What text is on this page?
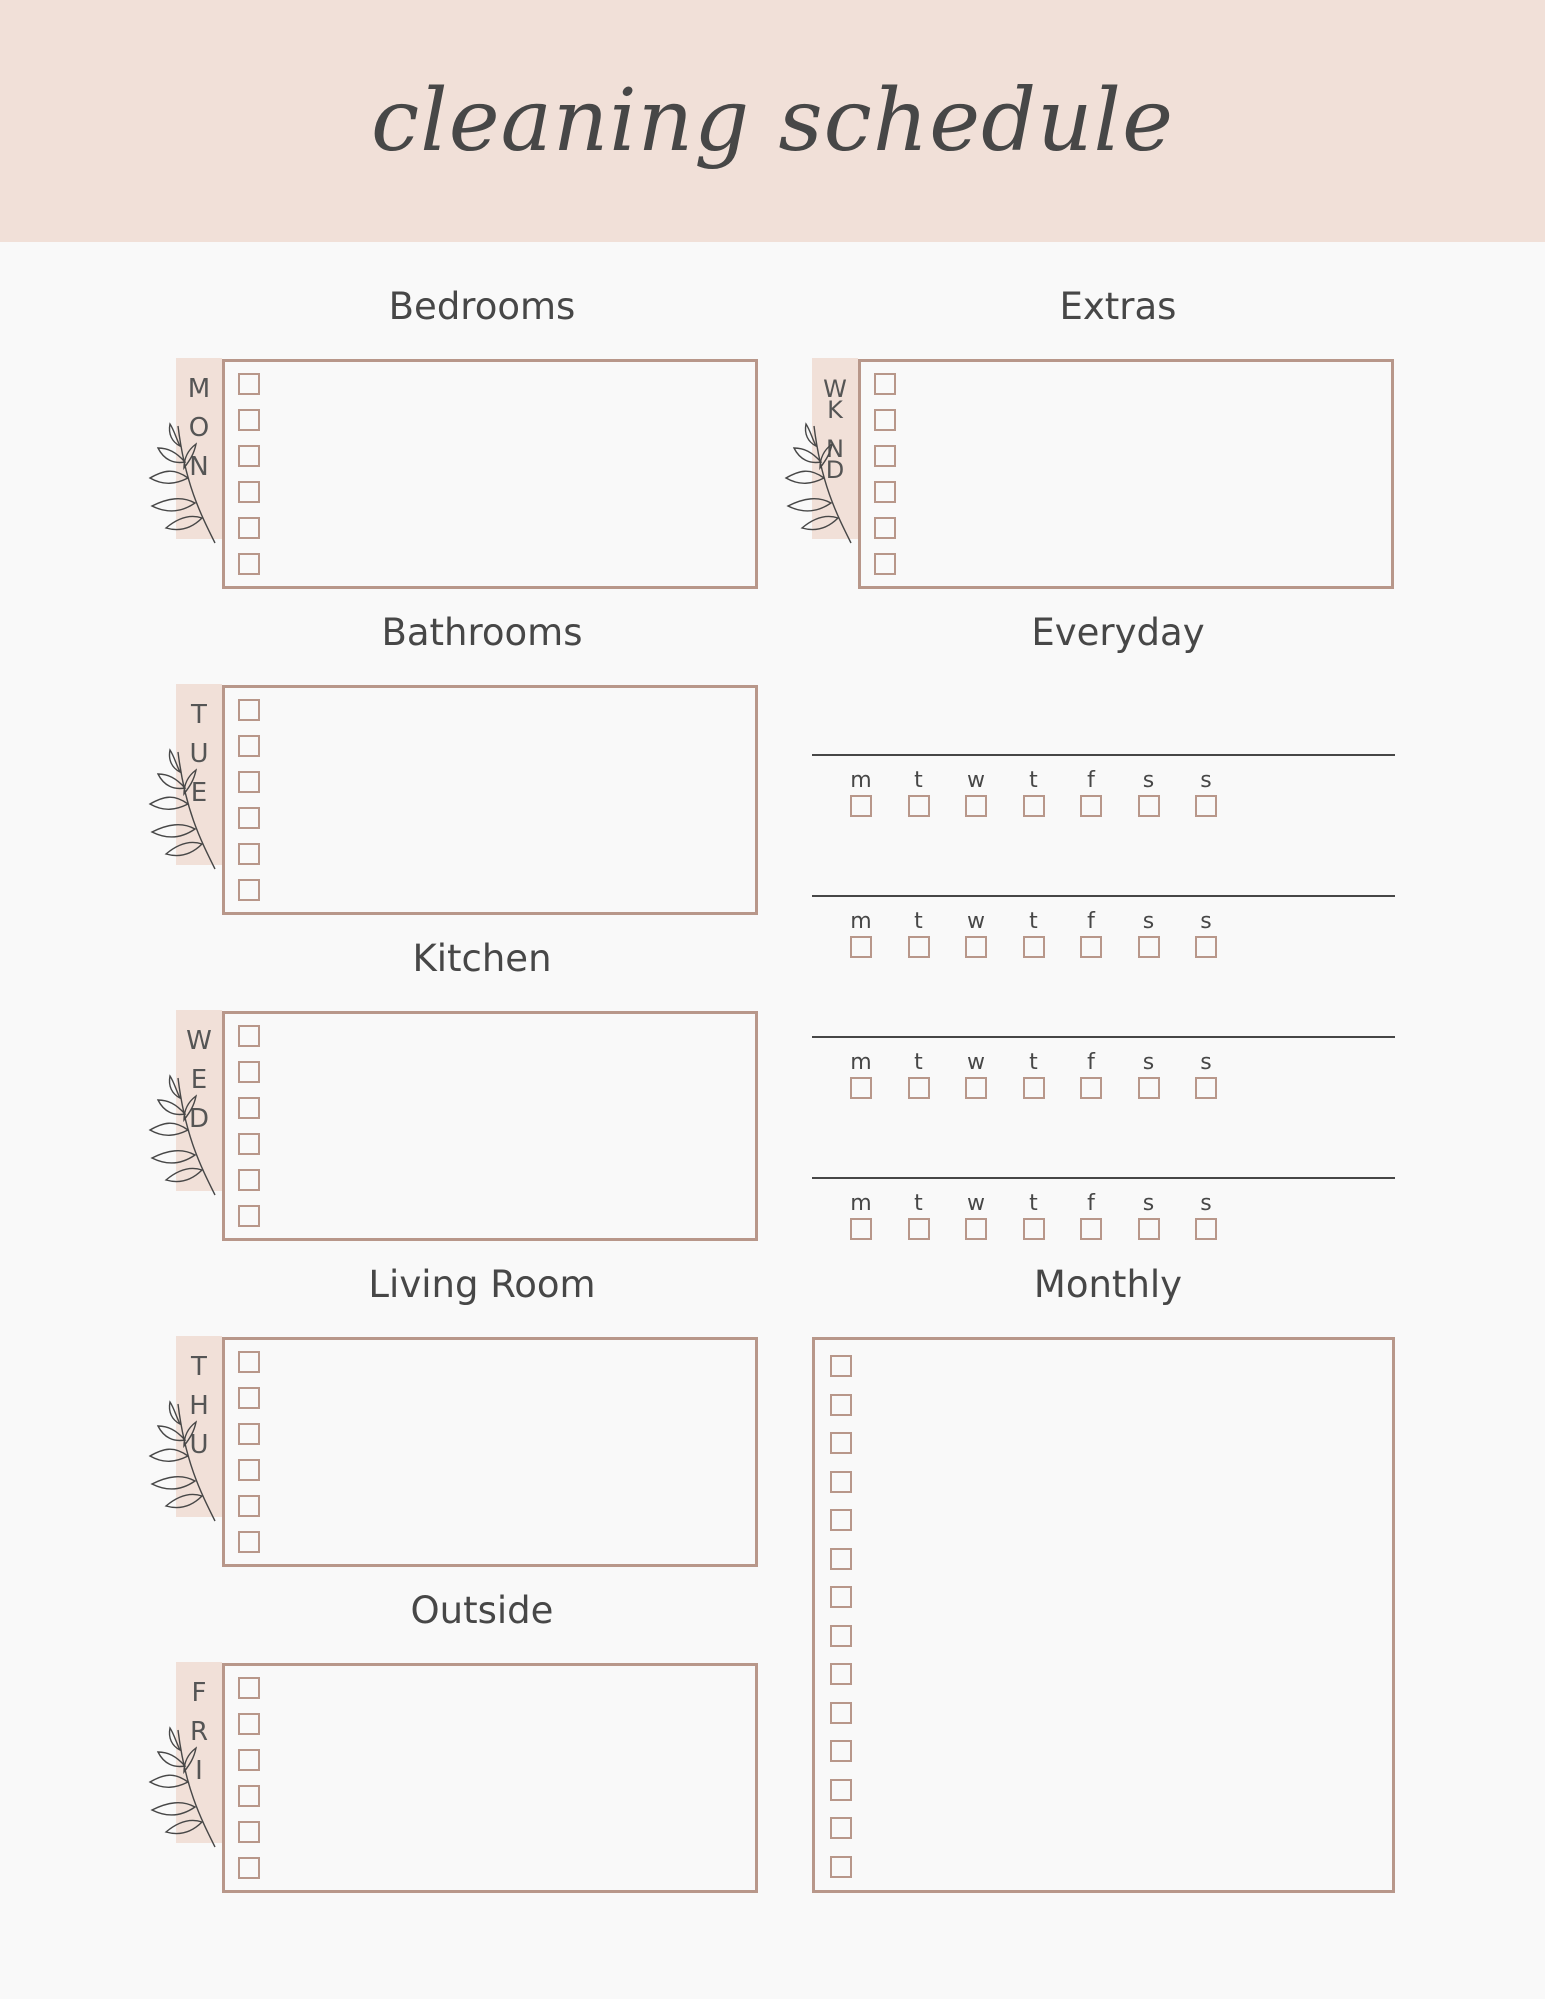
cleaning schedule
Bedrooms
Bathrooms
Kitchen
Living Room
Outside
Extras
Everyday
Monthly
M
O
N
T
U
E
W
E
D
T
H
U
F
R
I
W
K
N
D
m	t	w	t	f	s	s
m	t	w	t	f	s	s
m	t	w	t	f	s	s
m	t	w	t	f	s	s
